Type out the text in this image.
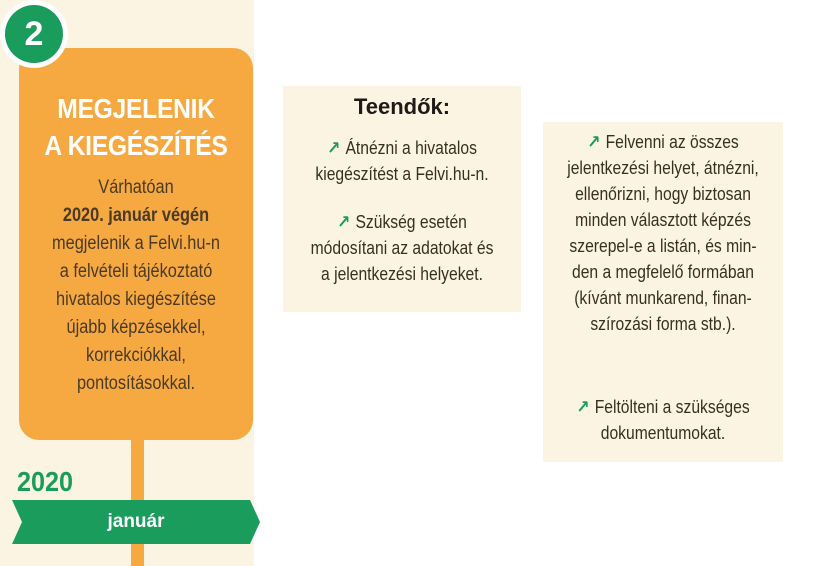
MEGJELENIK
A KIEGÉSZÍTÉS
Várhatóan
2020. január végén
megjelenik a Felvi.hu-n
a felvételi tájékoztató
hivatalos kiegészítése
újabb képzésekkel,
korrekciókkal,
pontosításokkal.
2
2020
január
Teendők:
↗ Átnézni a hivatalos
kiegészítést a Felvi.hu-n.
↗ Szükség esetén
módosítani az adatokat és
a jelentkezési helyeket.
↗ Felvenni az összes
jelentkezési helyet, átnézni,
ellenőrizni, hogy biztosan
minden választott képzés
szerepel-e a listán, és min-
den a megfelelő formában
(kívánt munkarend, finan-
szírozási forma stb.).
↗ Feltölteni a szükséges
dokumentumokat.
